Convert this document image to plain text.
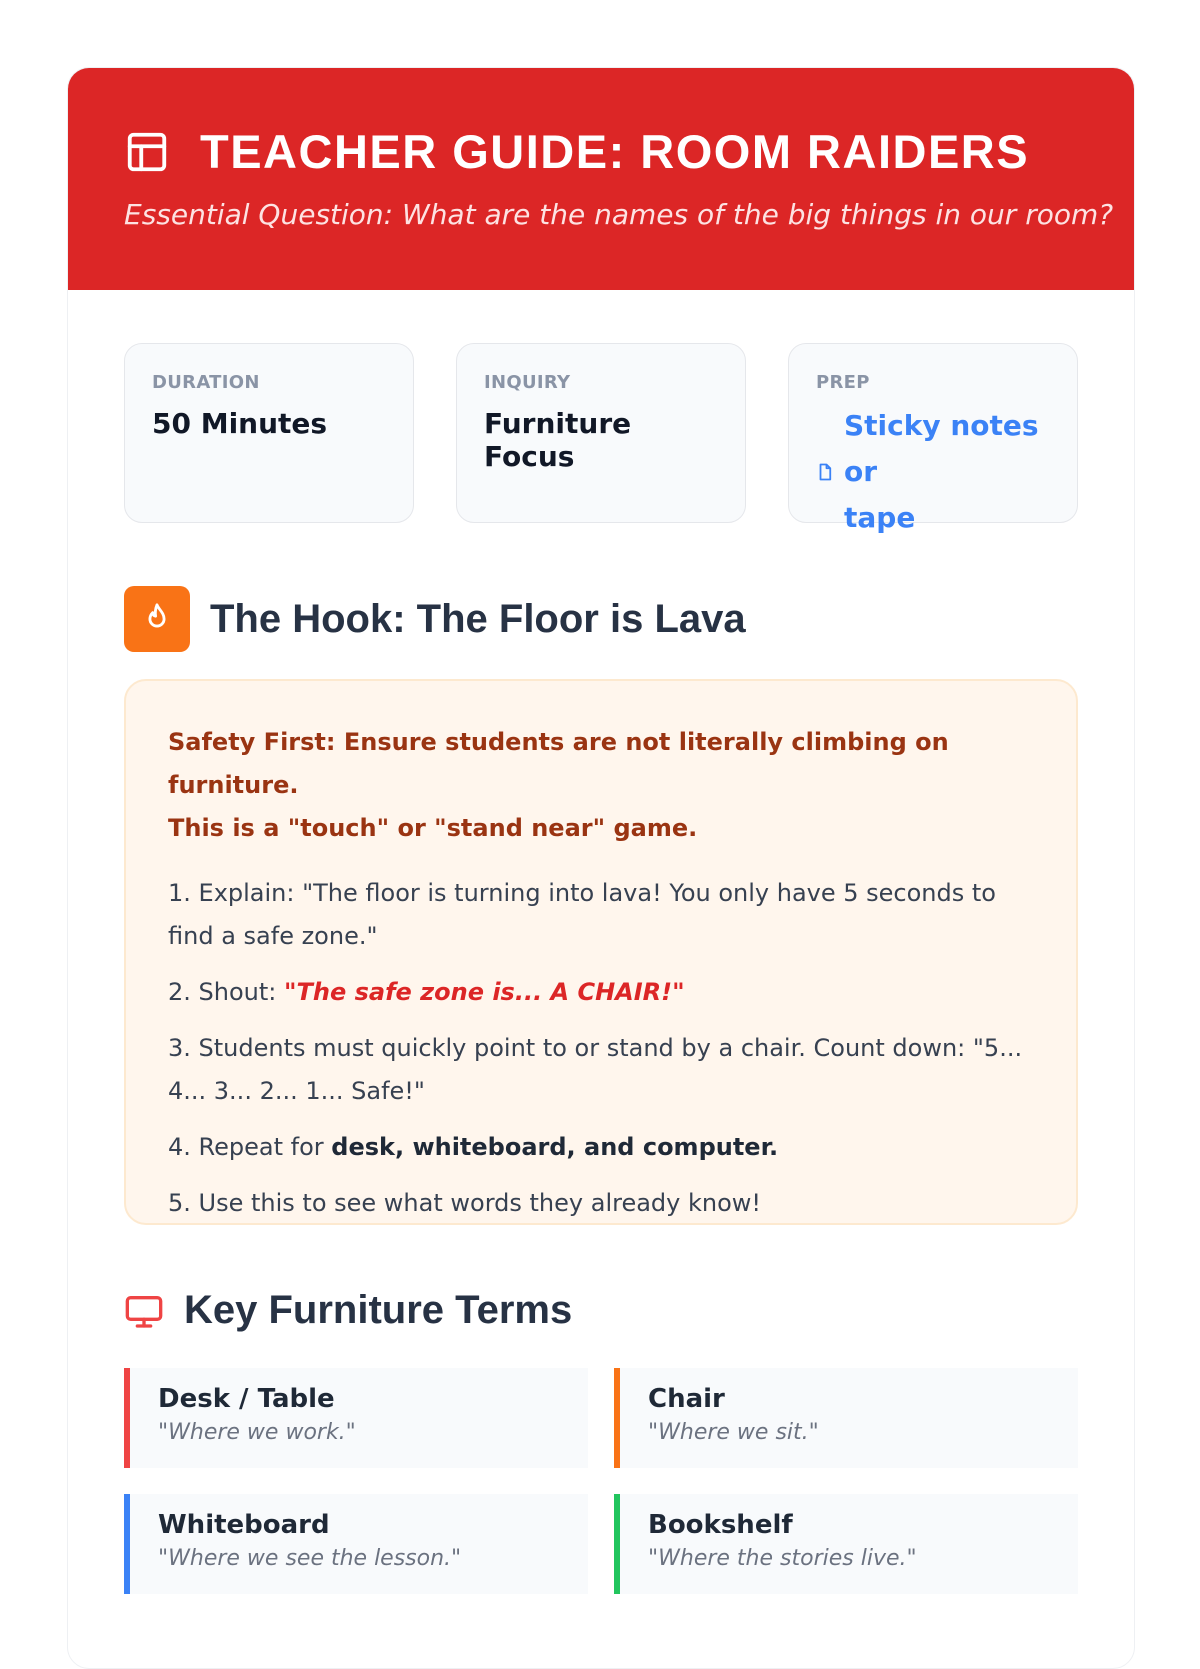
TEACHER GUIDE: ROOM RAIDERS
Essential Question: What are the names of the big things in our room?
DURATION
50 Minutes
INQUIRY
Furniture Focus
PREP
Sticky notes or
tape
The Hook: The Floor is Lava
Safety First: Ensure students are not literally climbing on furniture.
This is a "touch" or "stand near" game.
1. Explain: "The floor is turning into lava! You only have 5 seconds to find a safe zone."
2. Shout: "The safe zone is... A CHAIR!"
3. Students must quickly point to or stand by a chair. Count down: "5... 4... 3... 2... 1... Safe!"
4. Repeat for desk, whiteboard, and computer.
5. Use this to see what words they already know!
Key Furniture Terms
Desk / Table
"Where we work."
Chair
"Where we sit."
Whiteboard
"Where we see the lesson."
Bookshelf
"Where the stories live."
